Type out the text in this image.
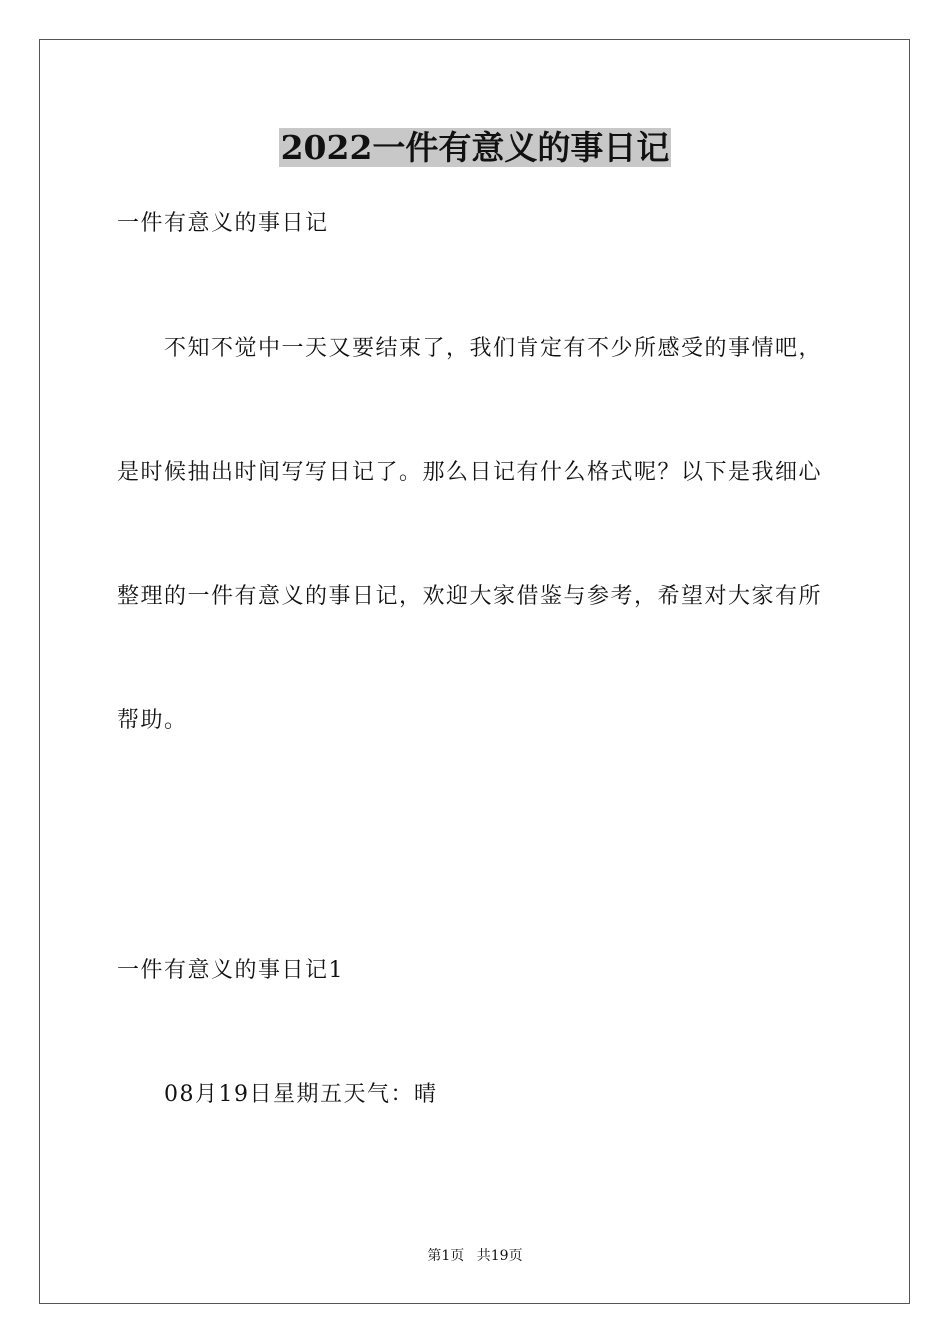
2022一件有意义的事日记
一件有意义的事日记
不知不觉中一天又要结束了，我们肯定有不少所感受的事情吧，
是时候抽出时间写写日记了。那么日记有什么格式呢？以下是我细心
整理的一件有意义的事日记，欢迎大家借鉴与参考，希望对大家有所
帮助。
一件有意义的事日记1
08月19日星期五天气：晴
第1页 共19页
